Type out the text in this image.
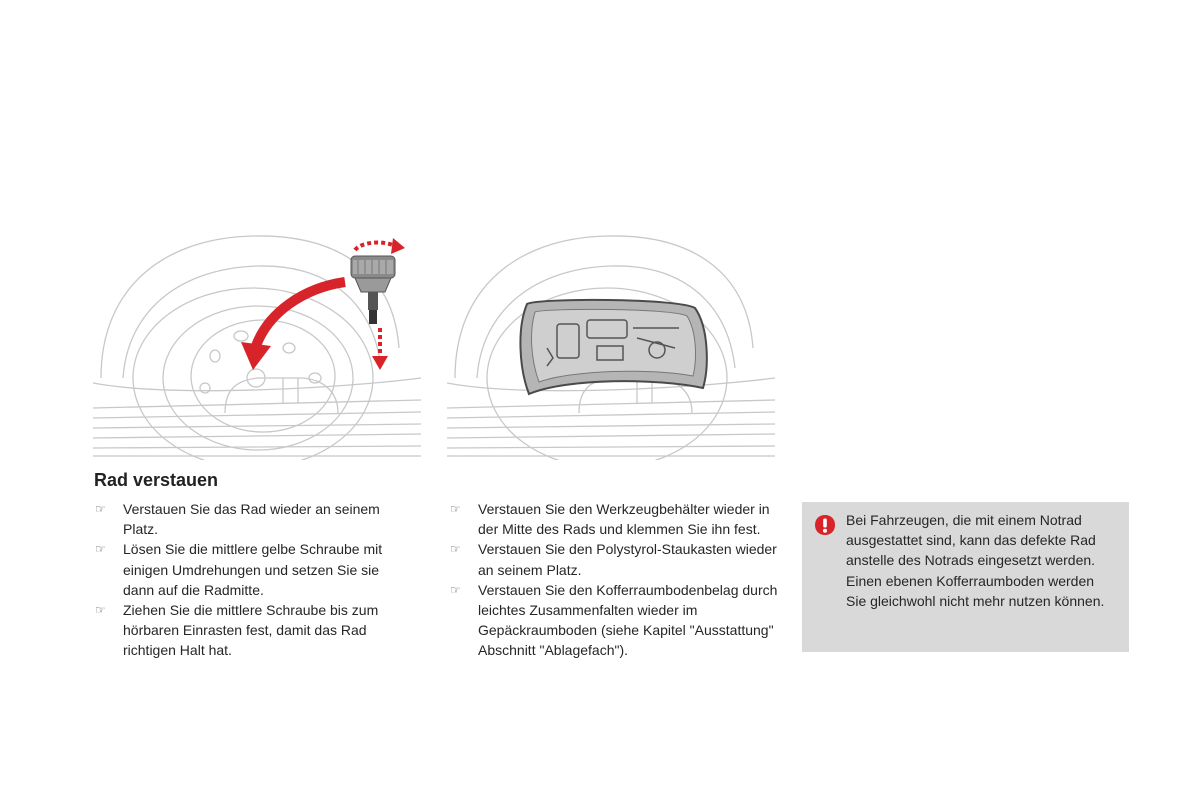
Rad verstauen
☞ Verstauen Sie das Rad wieder an seinem Platz.
☞ Lösen Sie die mittlere gelbe Schraube mit einigen Umdrehungen und setzen Sie sie dann auf die Radmitte.
☞ Ziehen Sie die mittlere Schraube bis zum hörbaren Einrasten fest, damit das Rad richtigen Halt hat.
☞ Verstauen Sie den Werkzeugbehälter wieder in der Mitte des Rads und klemmen Sie ihn fest.
☞ Verstauen Sie den Polystyrol-Staukasten wieder an seinem Platz.
☞ Verstauen Sie den Kofferraumbodenbelag durch leichtes Zusammenfalten wieder im Gepäckraumboden (siehe Kapitel "Ausstattung" Abschnitt "Ablagefach").
Bei Fahrzeugen, die mit einem Notrad ausgestattet sind, kann das defekte Rad anstelle des Notrads eingesetzt werden. Einen ebenen Kofferraumboden werden Sie gleichwohl nicht mehr nutzen können.
